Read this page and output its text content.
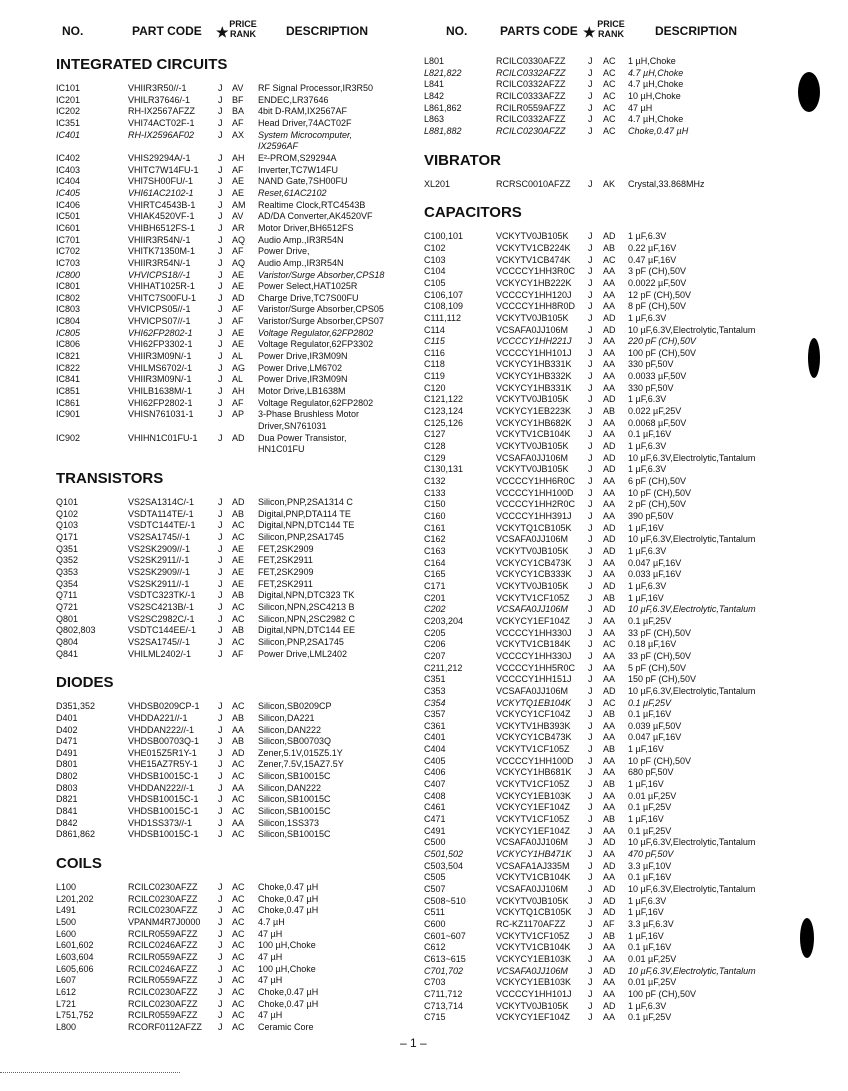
NO.	PART CODE ★ PRICE RANK	DESCRIPTION	NO.	PARTS CODE ★ PRICE RANK	DESCRIPTION
INTEGRATED CIRCUITS
IC101	VHIIR3R50//-1	J AV RF Signal Processor,IR3R50
IC201	VHILR37646/-1	J BF ENDEC,LR37646
IC202	RH-IX2567AFZZ	J BA 4bit D-RAM,IX2567AF
IC351	VHI74ACT02F-1	J AF Head Driver,74ACT02F
IC401	RH-IX2596AF02	J AX System Microcomputer,
IX2596AF
IC402	VHIS29294A/-1	J AH E²-PROM,S29294A
IC403	VHITC7W14FU-1 J AF Inverter,TC7W14FU
IC404	VHI7SH00FU/-1	J AE NAND Gate,7SH00FU
IC405	VHI61AC2102-1	J AE Reset,61AC2102
IC406	VHIRTC4543B-1	J AM Realtime Clock,RTC4543B
IC501	VHIAK4520VF-1	J AV AD/DA Converter,AK4520VF
IC601	VHIBH6512FS-1	J AR Motor Driver,BH6512FS
IC701	VHIIR3R54N/-1	J AQ Audio Amp.,IR3R54N
IC702	VHITK71350M-1	J AF Power Drive,
IC703	VHIIR3R54N/-1	J AQ Audio Amp.,IR3R54N
IC800	VHVICPS18//-1	J AE Varistor/Surge Absorber,CPS18
IC801	VHIHAT1025R-1	J AE Power Select,HAT1025R
IC802	VHITC7S00FU-1 J AD Charge Drive,TC7S00FU
IC803	VHVICPS05//-1	J AF Varistor/Surge Absorber,CPS05
IC804	VHVICPS07//-1	J AF Varistor/Surge Absorber,CPS07
IC805	VHI62FP2802-1	J AE Voltage Regulator,62FP2802
IC806	VHI62FP3302-1	J AE Voltage Regulator,62FP3302
IC821	VHIIR3M09N/-1	J AL Power Drive,IR3M09N
IC822	VHILMS6702/-1	J AG Power Drive,LM6702
IC841	VHIIR3M09N/-1	J AL Power Drive,IR3M09N
IC851	VHILB1638M/-1	J AH Motor Drive,LB1638M
IC861	VHI62FP2802-1	J AF Voltage Regulator,62FP2802
IC901	VHISN761031-1	J AP 3-Phase Brushless Motor
Driver,SN761031
IC902	VHIHN1C01FU-1 J AD Dua Power Transistor,
HN1C01FU
TRANSISTORS
Q101	VS2SA1314C/-1	J AD Silicon,PNP,2SA1314 C
Q102	VSDTA114TE/-1	J AB Digital,PNP,DTA114 TE
Q103	VSDTC144TE/-1 J AC Digital,NPN,DTC144 TE
Q171	VS2SA1745//-1	J AC Silicon,PNP,2SA1745
Q351	VS2SK2909//-1	J AE FET,2SK2909
Q352	VS2SK2911//-1	J AE FET,2SK2911
Q353	VS2SK2909//-1	J AE FET,2SK2909
Q354	VS2SK2911//-1	J AE FET,2SK2911
Q711	VSDTC323TK/-1 J AB Digital,NPN,DTC323 TK
Q721	VS2SC4213B/-1	J AC Silicon,NPN,2SC4213 B
Q801	VS2SC2982C/-1	J AC Silicon,NPN,2SC2982 C
Q802,803	VSDTC144EE/-1 J AB Digital,NPN,DTC144 EE
Q804	VS2SA1745//-1	J AC Silicon,PNP,2SA1745
Q841	VHILML2402/-1	J AF Power Drive,LML2402
DIODES
D351,352	VHDSB0209CP-1 J AC Silicon,SB0209CP
D401	VHDDA221//-1	J AB Silicon,DA221
D402	VHDDAN222//-1	J AA Silicon,DAN222
D471	VHDSB00703Q-1 J AB Silicon,SB00703Q
D491	VHE015Z5R1Y-1 J AD Zener,5.1V,015Z5.1Y
D801	VHE15AZ7R5Y-1 J AC Zener,7.5V,15AZ7.5Y
D802	VHDSB10015C-1 J AC Silicon,SB10015C
D803	VHDDAN222//-1	J AA Silicon,DAN222
D821	VHDSB10015C-1 J AC Silicon,SB10015C
D841	VHDSB10015C-1 J AC Silicon,SB10015C
D842	VHD1SS373//-1	J AA Silicon,1SS373
D861,862	VHDSB10015C-1 J AC Silicon,SB10015C
COILS
L100	RCILC0230AFZZ J AC Choke,0.47 µH
L201,202	RCILC0230AFZZ J AC Choke,0.47 µH
L491	RCILC0230AFZZ J AC Choke,0.47 µH
L500	VPANM4R7J0000 J AC 4.7 µH
L600	RCILR0559AFZZ J AC 47 µH
L601,602	RCILC0246AFZZ J AC 100 µH,Choke
L603,604	RCILR0559AFZZ J AC 47 µH
L605,606	RCILC0246AFZZ J AC 100 µH,Choke
L607	RCILR0559AFZZ J AC 47 µH
L612	RCILC0230AFZZ J AC Choke,0.47 µH
L721	RCILC0230AFZZ J AC Choke,0.47 µH
L751,752	RCILR0559AFZZ J AC 47 µH
L800	RCORF0112AFZZ J AC Ceramic Core
L801	RCILC0330AFZZ J AC 1 µH,Choke
L821,822	RCILC0332AFZZ J AC 4.7 µH,Choke
L841	RCILC0332AFZZ J AC 4.7 µH,Choke
L842	RCILC0333AFZZ J AC 10 µH,Choke
L861,862	RCILR0559AFZZ J AC 47 µH
L863	RCILC0332AFZZ J AC 4.7 µH,Choke
L881,882	RCILC0230AFZZ J AC Choke,0.47 µH
VIBRATOR
XL201	RCRSC0010AFZZ J AK Crystal,33.868MHz
CAPACITORS
C100,101	VCKYTV0JB105K J AD 1 µF,6.3V
C102	VCKYTV1CB224K J AB 0.22 µF,16V
C103	VCKYTV1CB474K J AC 0.47 µF,16V
C104	VCCCCY1HH3R0C J AA 3 pF (CH),50V
C105	VCKYCY1HB222K J AA 0.0022 µF,50V
C106,107	VCCCCY1HH120J J AA 12 pF (CH),50V
C108,109	VCCCCY1HH8R0D J AA 8 pF (CH),50V
C111,112	VCKYTV0JB105K J AD 1 µF,6.3V
C114	VCSAFA0JJ106M J AD 10 µF,6.3V,Electrolytic,Tantalum
C115	VCCCCY1HH221J J AA 220 pF (CH),50V
C116	VCCCCY1HH101J J AA 100 pF (CH),50V
C118	VCKYCY1HB331K J AA 330 pF,50V
C119	VCKYCY1HB332K J AA 0.0033 µF,50V
C120	VCKYCY1HB331K J AA 330 pF,50V
C121,122	VCKYTV0JB105K J AD 1 µF,6.3V
C123,124	VCKYCY1EB223K J AB 0.022 µF,25V
C125,126	VCKYCY1HB682K J AA 0.0068 µF,50V
C127	VCKYTV1CB104K J AA 0.1 µF,16V
C128	VCKYTV0JB105K J AD 1 µF,6.3V
C129	VCSAFA0JJ106M J AD 10 µF,6.3V,Electrolytic,Tantalum
C130,131	VCKYTV0JB105K J AD 1 µF,6.3V
C132	VCCCCY1HH6R0C J AA 6 pF (CH),50V
C133	VCCCCY1HH100D J AA 10 pF (CH),50V
C150	VCCCCY1HH2R0C J AA 2 pF (CH),50V
C160	VCCCCY1HH391J J AA 390 pF,50V
C161	VCKYTQ1CB105K J AD 1 µF,16V
C162	VCSAFA0JJ106M J AD 10 µF,6.3V,Electrolytic,Tantalum
C163	VCKYTV0JB105K J AD 1 µF,6.3V
C164	VCKYCY1CB473K J AA 0.047 µF,16V
C165	VCKYCY1CB333K J AA 0.033 µF,16V
C171	VCKYTV0JB105K J AD 1 µF,6.3V
C201	VCKYTV1CF105Z J AB 1 µF,16V
C202	VCSAFA0JJ106M J AD 10 µF,6.3V,Electrolytic,Tantalum
C203,204	VCKYCY1EF104Z J AA 0.1 µF,25V
C205	VCCCCY1HH330J J AA 33 pF (CH),50V
C206	VCKYTV1CB184K J AC 0.18 µF,16V
C207	VCCCCY1HH330J J AA 33 pF (CH),50V
C211,212	VCCCCY1HH5R0C J AA 5 pF (CH),50V
C351	VCCCCY1HH151J J AA 150 pF (CH),50V
C353	VCSAFA0JJ106M J AD 10 µF,6.3V,Electrolytic,Tantalum
C354	VCKYTQ1EB104K J AC 0.1 µF,25V
C357	VCKYCY1CF104Z J AB 0.1 µF,16V
C361	VCKYTV1HB393K J AA 0.039 µF,50V
C401	VCKYCY1CB473K J AA 0.047 µF,16V
C404	VCKYTV1CF105Z J AB 1 µF,16V
C405	VCCCCY1HH100D J AA 10 pF (CH),50V
C406	VCKYCY1HB681K J AA 680 pF,50V
C407	VCKYTV1CF105Z J AB 1 µF,16V
C408	VCKYCY1EB103K J AA 0.01 µF,25V
C461	VCKYCY1EF104Z J AA 0.1 µF,25V
C471	VCKYTV1CF105Z J AB 1 µF,16V
C491	VCKYCY1EF104Z J AA 0.1 µF,25V
C500	VCSAFA0JJ106M J AD 10 µF,6.3V,Electrolytic,Tantalum
C501,502	VCKYCY1HB471K J AA 470 pF,50V
C503,504	VCSAFA1AJ335M J AD 3.3 µF,10V
C505	VCKYTV1CB104K J AA 0.1 µF,16V
C507	VCSAFA0JJ106M J AD 10 µF,6.3V,Electrolytic,Tantalum
C508~510	VCKYTV0JB105K J AD 1 µF,6.3V
C511	VCKYTQ1CB105K J AD 1 µF,16V
C600	RC-KZ1170AFZZ	J AF 3.3 µF,6.3V
C601~607	VCKYTV1CF105Z J AB 1 µF,16V
C612	VCKYTV1CB104K J AA 0.1 µF,16V
C613~615	VCKYCY1EB103K J AA 0.01 µF,25V
C701,702	VCSAFA0JJ106M J AD 10 µF,6.3V,Electrolytic,Tantalum
C703	VCKYCY1EB103K J AA 0.01 µF,25V
C711,712	VCCCCY1HH101J J AA 100 pF (CH),50V
C713,714	VCKYTV0JB105K J AD 1 µF,6.3V
C715	VCKYCY1EF104Z J AA 0.1 µF,25V
– 1 –
